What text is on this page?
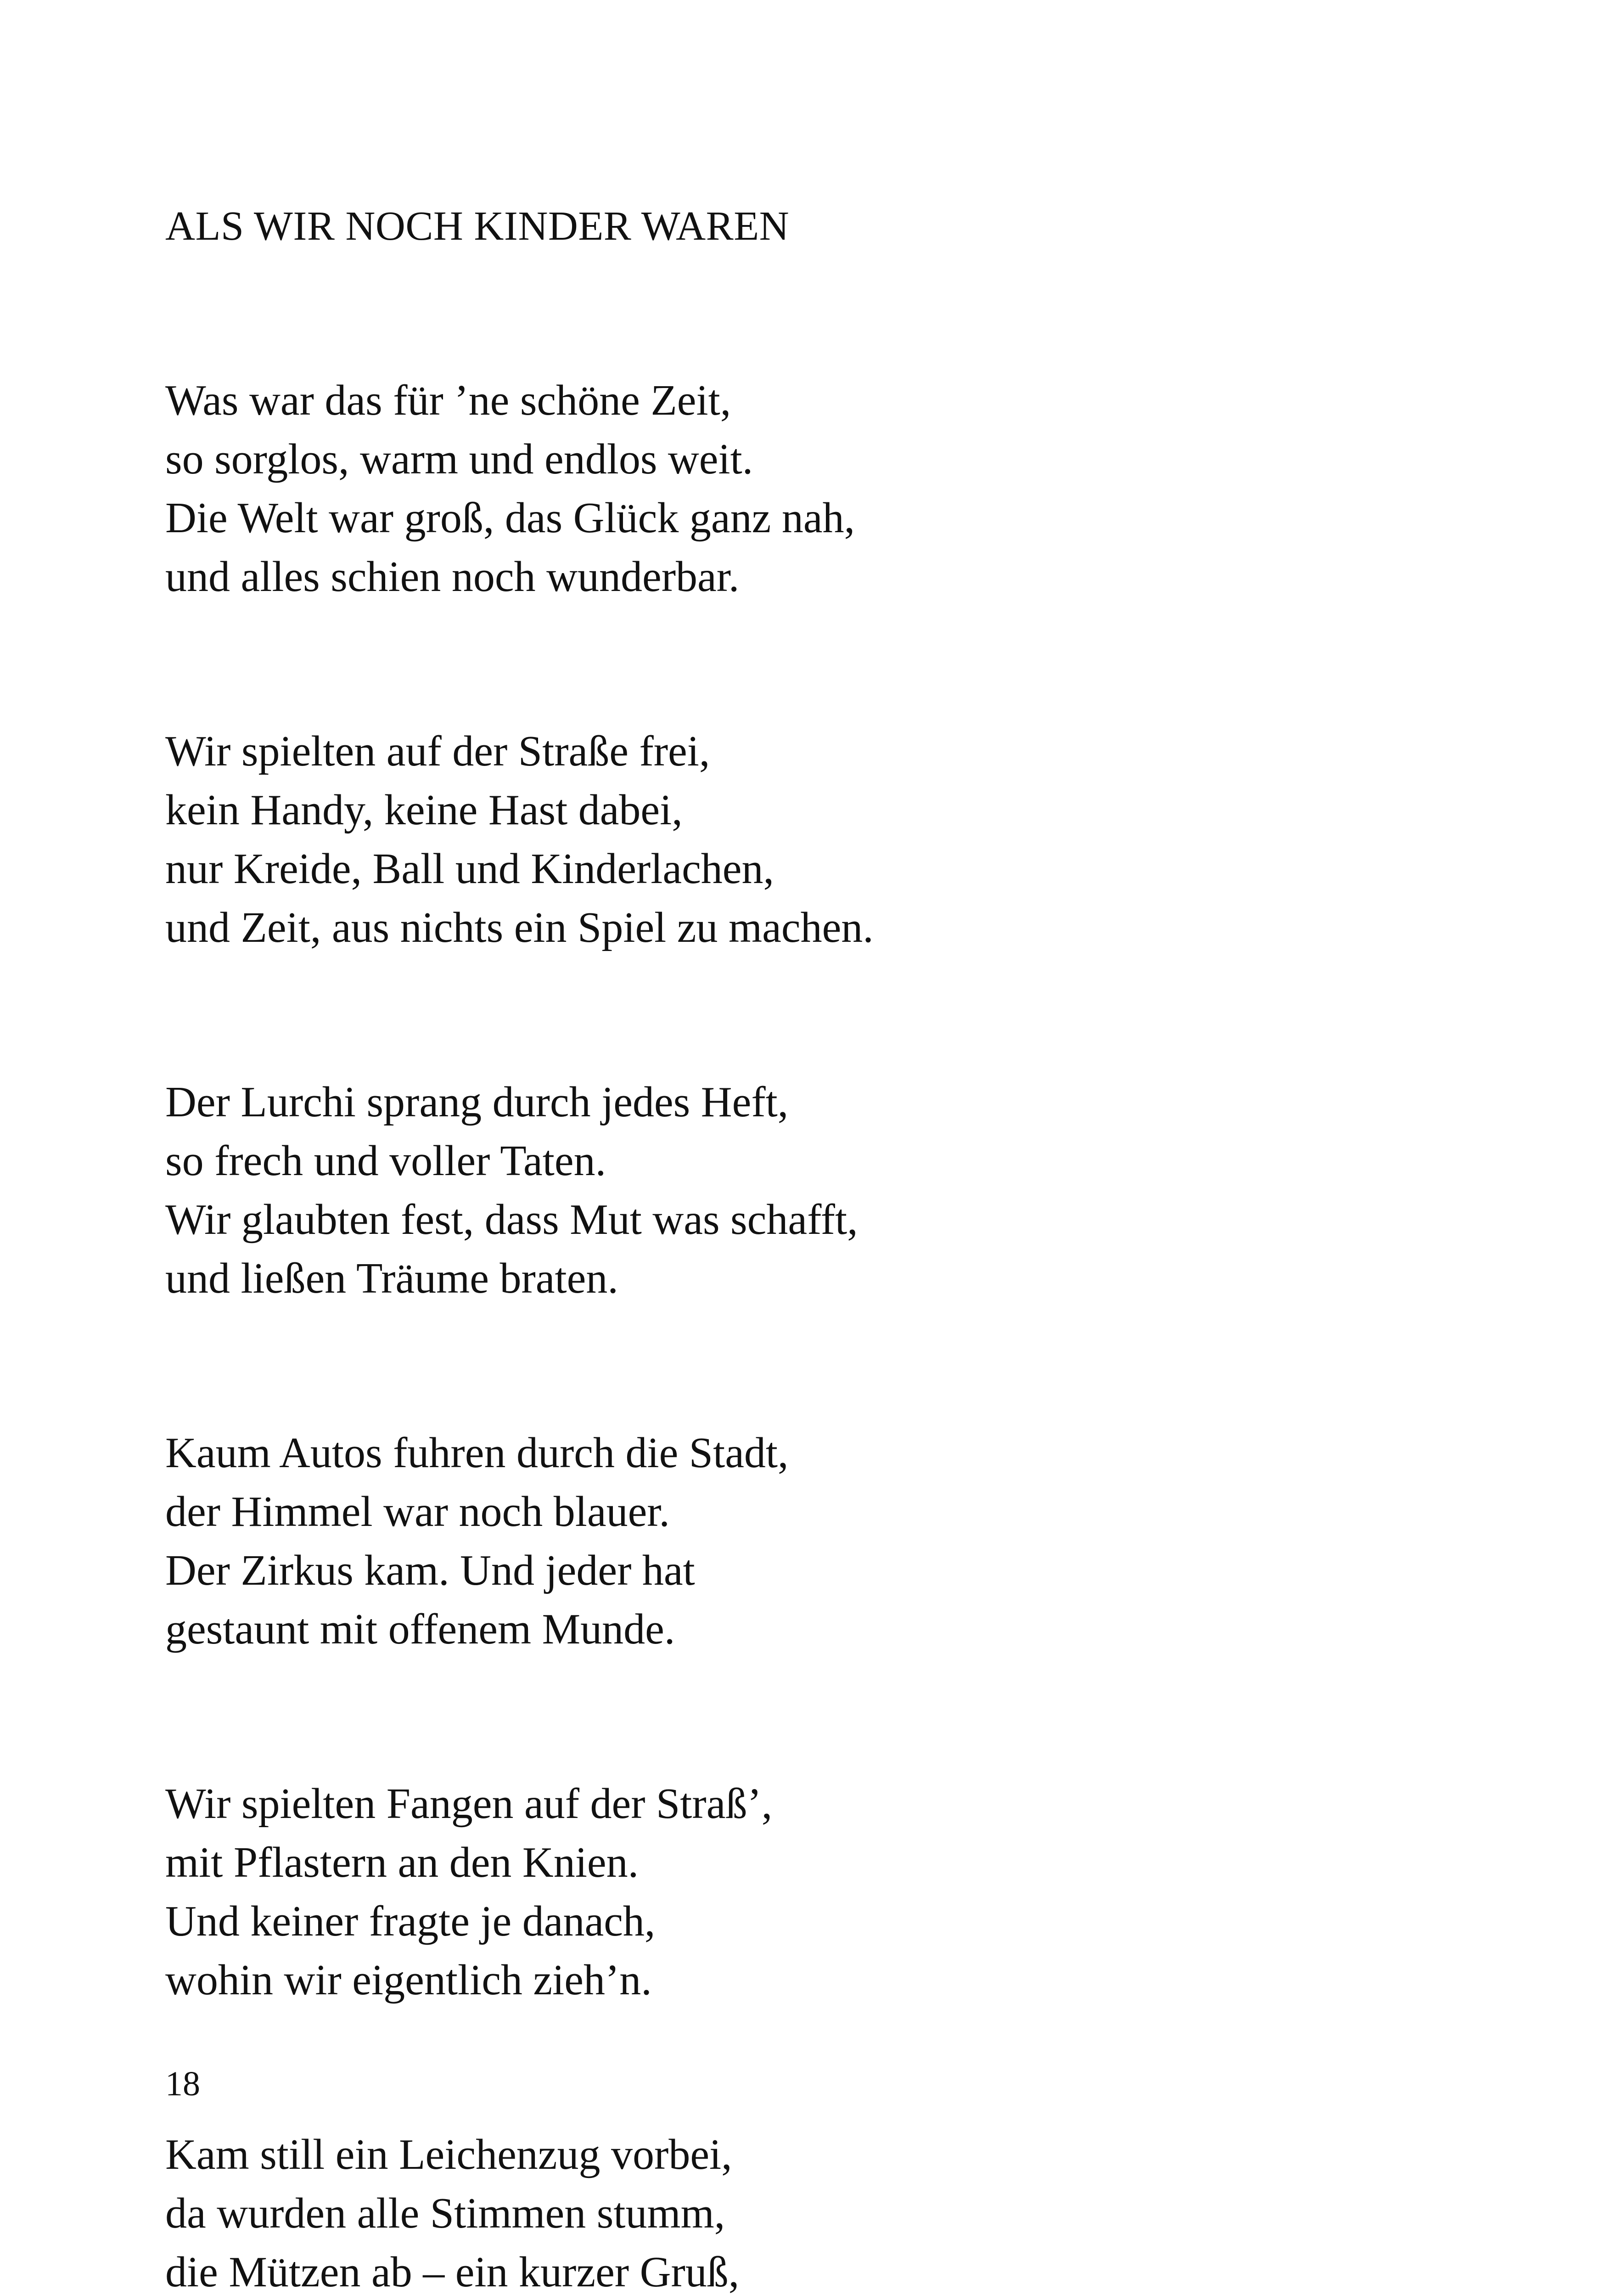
ALS WIR NOCH KINDER WAREN
Was war das für ’ne schöne Zeit,
so sorglos, warm und endlos weit.
Die Welt war groß, das Glück ganz nah,
und alles schien noch wunderbar.
Wir spielten auf der Straße frei,
kein Handy, keine Hast dabei,
nur Kreide, Ball und Kinderlachen,
und Zeit, aus nichts ein Spiel zu machen.
Der Lurchi sprang durch jedes Heft,
so frech und voller Taten.
Wir glaubten fest, dass Mut was schafft,
und ließen Träume braten.
Kaum Autos fuhren durch die Stadt,
der Himmel war noch blauer.
Der Zirkus kam. Und jeder hat
gestaunt mit offenem Munde.
Wir spielten Fangen auf der Straß’,
mit Pflastern an den Knien.
Und keiner fragte je danach,
wohin wir eigentlich zieh’n.
Kam still ein Leichenzug vorbei,
da wurden alle Stimmen stumm,
die Mützen ab – ein kurzer Gruß,
18
